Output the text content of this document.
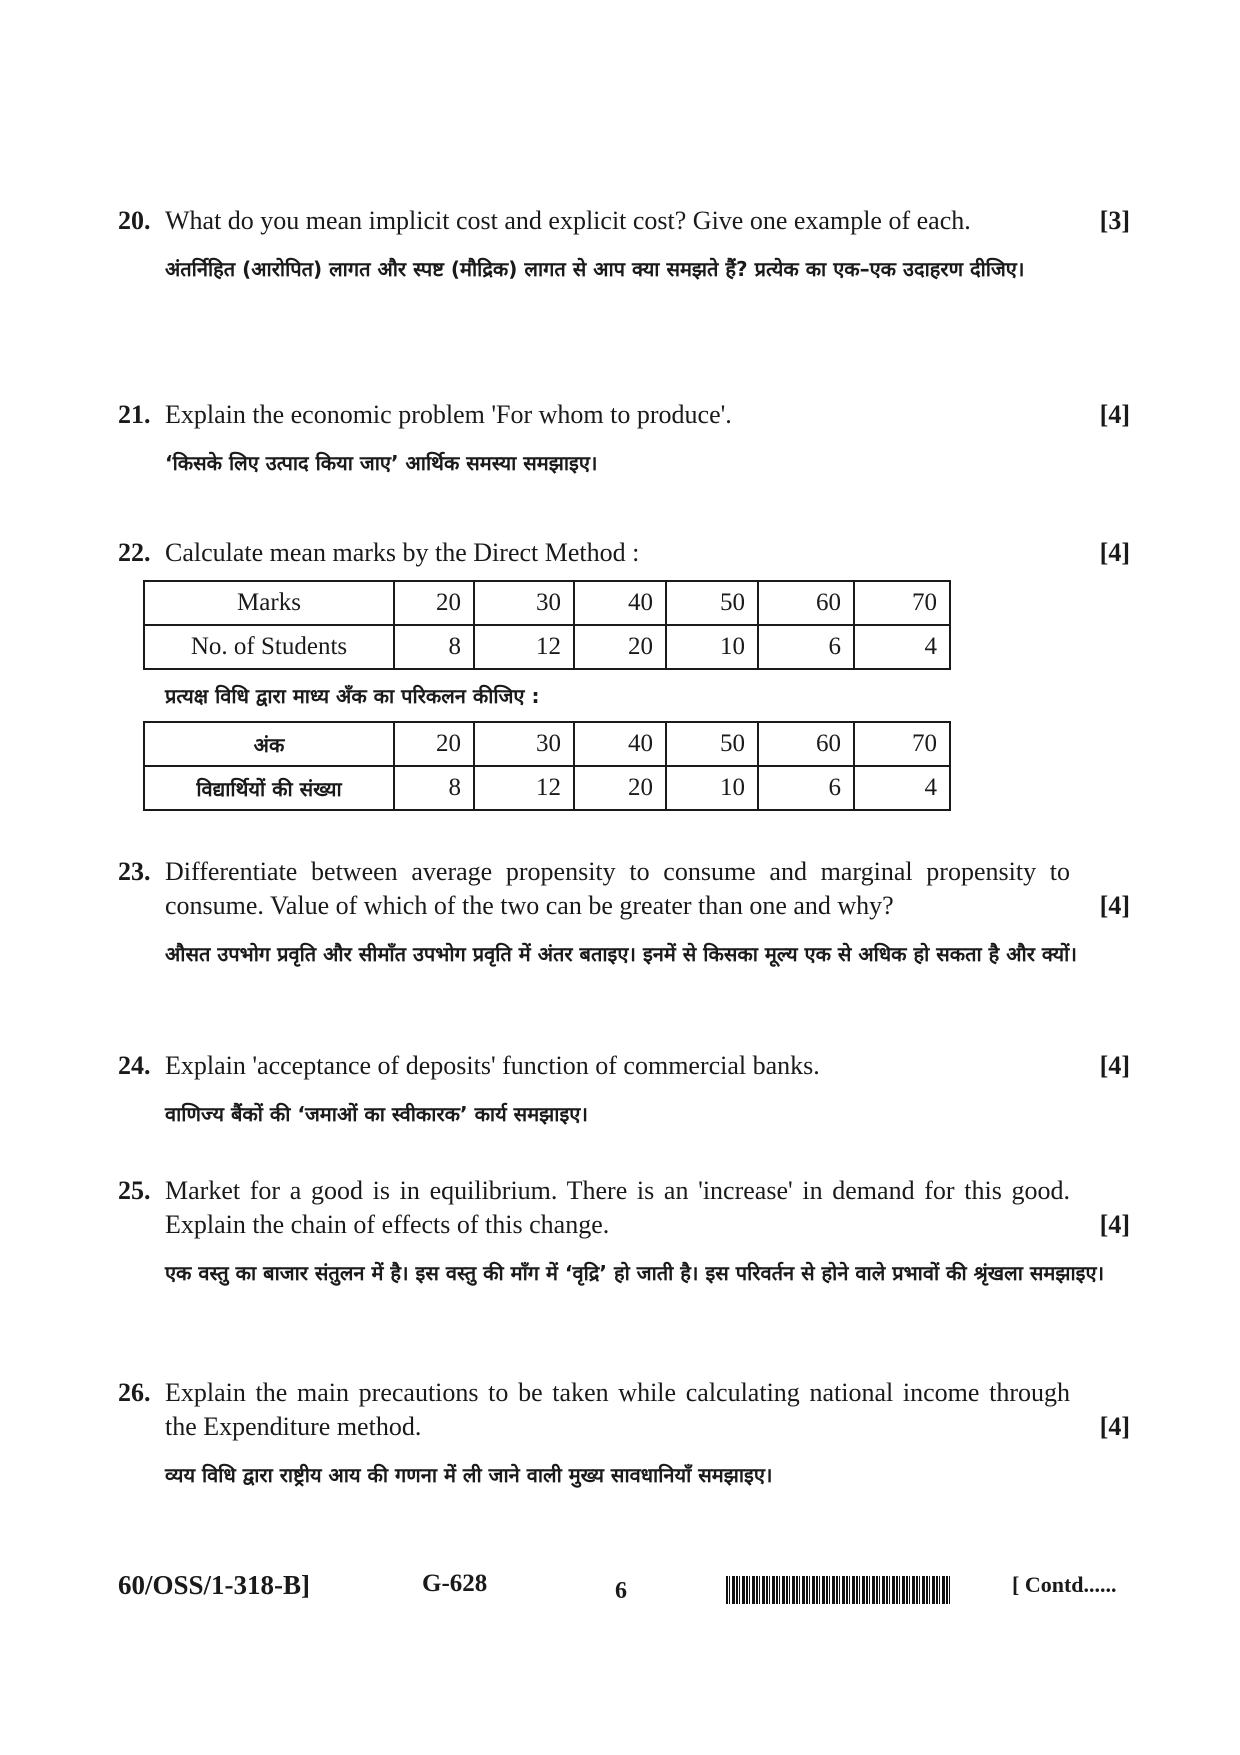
20. What do you mean implicit cost and explicit cost? Give one example of each.	[3]
अंतर्निहित (आरोपित) लागत और स्पष्ट (मौद्रिक) लागत से आप क्या समझते हैं? प्रत्येक का एक–एक उदाहरण दीजिए।
21. Explain the economic problem 'For whom to produce'.	[4]
‘किसके लिए उत्पाद किया जाए’ आर्थिक समस्या समझाइए।
22. Calculate mean marks by the Direct Method :	[4]
Marks	20	30	40	50	60	70
No. of Students	8	12	20	10	6	4
प्रत्यक्ष विधि द्वारा माध्य अँक का परिकलन कीजिए :
अंक	20	30	40	50	60	70
विद्यार्थियों की संख्या	8	12	20	10	6	4
23. Differentiate between average propensity to consume and marginal propensity to consume. Value of which of the two can be greater than one and why?	[4]
औसत उपभोग प्रवृति और सीमाँत उपभोग प्रवृति में अंतर बताइए। इनमें से किसका मूल्य एक से अधिक हो सकता है और क्यों।
24. Explain 'acceptance of deposits' function of commercial banks.	[4]
वाणिज्य बैंकों की ‘जमाओं का स्वीकारक’ कार्य समझाइए।
25. Market for a good is in equilibrium. There is an 'increase' in demand for this good. Explain the chain of effects of this change.	[4]
एक वस्तु का बाजार संतुलन में है। इस वस्तु की माँग में ‘वृद्रि’ हो जाती है। इस परिवर्तन से होने वाले प्रभावों की श्रृंखला समझाइए।
26. Explain the main precautions to be taken while calculating national income through the Expenditure method.	[4]
व्यय विधि द्वारा राष्ट्रीय आय की गणना में ली जाने वाली मुख्य सावधानियाँ समझाइए।
60/OSS/1-318-B]	G-628	6	[ Contd......
